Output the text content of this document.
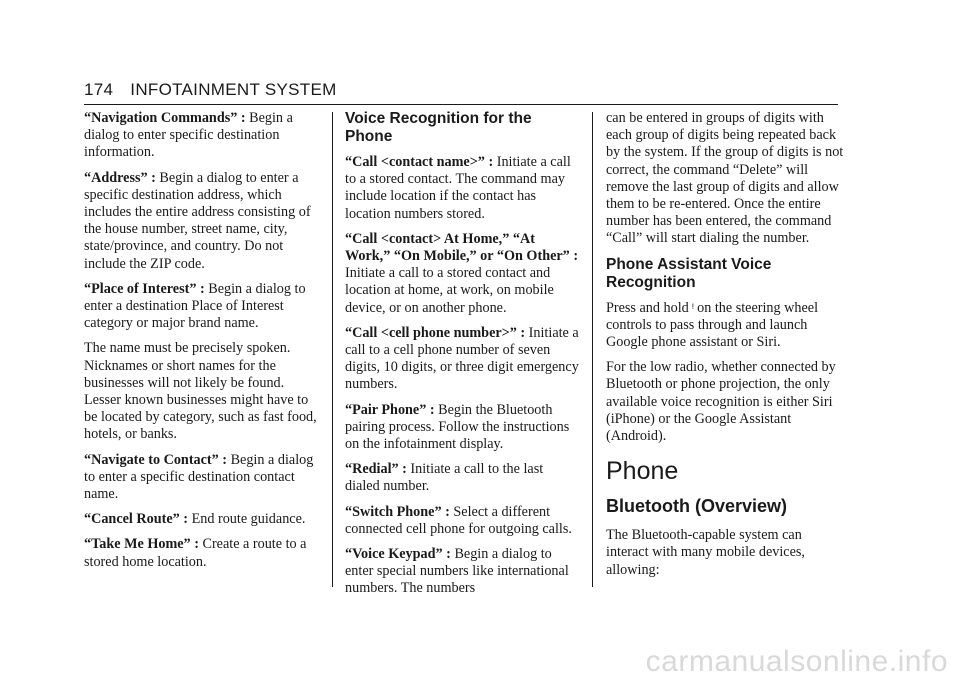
174 INFOTAINMENT SYSTEM

“Navigation Commands” : Begin a dialog to enter specific destination information.

“Address” : Begin a dialog to enter a specific destination address, which includes the entire address consisting of the house number, street name, city, state/province, and country. Do not include the ZIP code.

“Place of Interest” : Begin a dialog to enter a destination Place of Interest category or major brand name.

The name must be precisely spoken. Nicknames or short names for the businesses will not likely be found. Lesser known businesses might have to be located by category, such as fast food, hotels, or banks.

“Navigate to Contact” : Begin a dialog to enter a specific destination contact name.

“Cancel Route” : End route guidance.

“Take Me Home” : Create a route to a stored home location.

Voice Recognition for the Phone

“Call <contact name>” : Initiate a call to a stored contact. The command may include location if the contact has location numbers stored.

“Call <contact> At Home,” “At Work,” “On Mobile,” or “On Other” : Initiate a call to a stored contact and location at home, at work, on mobile device, or on another phone.

“Call <cell phone number>” : Initiate a call to a cell phone number of seven digits, 10 digits, or three digit emergency numbers.

“Pair Phone” : Begin the Bluetooth pairing process. Follow the instructions on the infotainment display.

“Redial” : Initiate a call to the last dialed number.

“Switch Phone” : Select a different connected cell phone for outgoing calls.

“Voice Keypad” : Begin a dialog to enter special numbers like international numbers. The numbers

can be entered in groups of digits with each group of digits being repeated back by the system. If the group of digits is not correct, the command “Delete” will remove the last group of digits and allow them to be re-entered. Once the entire number has been entered, the command “Call” will start dialing the number.

Phone Assistant Voice Recognition

Press and hold ᵎ on the steering wheel controls to pass through and launch Google phone assistant or Siri.

For the low radio, whether connected by Bluetooth or phone projection, the only available voice recognition is either Siri (iPhone) or the Google Assistant (Android).

Phone
Bluetooth (Overview)

The Bluetooth-capable system can interact with many mobile devices, allowing:

carmanualsonline.info
